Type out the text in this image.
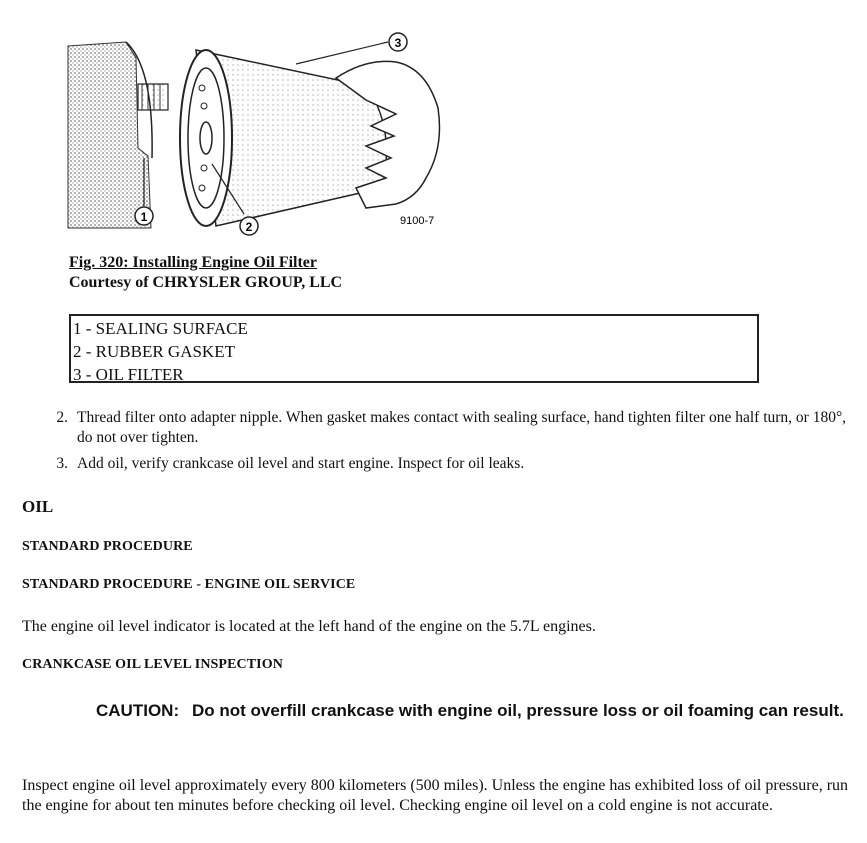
1
2
3
9100-7
Fig. 320: Installing Engine Oil Filter
Courtesy of CHRYSLER GROUP, LLC
1 - SEALING SURFACE
2 - RUBBER GASKET
3 - OIL FILTER
2. Thread filter onto adapter nipple. When gasket makes contact with sealing surface, hand tighten filter one half turn, or 180°, do not over tighten.
3. Add oil, verify crankcase oil level and start engine. Inspect for oil leaks.
OIL
STANDARD PROCEDURE
STANDARD PROCEDURE - ENGINE OIL SERVICE
The engine oil level indicator is located at the left hand of the engine on the 5.7L engines.
CRANKCASE OIL LEVEL INSPECTION
CAUTION: Do not overfill crankcase with engine oil, pressure loss or oil foaming can result.
Inspect engine oil level approximately every 800 kilometers (500 miles). Unless the engine has exhibited loss of oil pressure, run the engine for about ten minutes before checking oil level. Checking engine oil level on a cold engine is not accurate.
